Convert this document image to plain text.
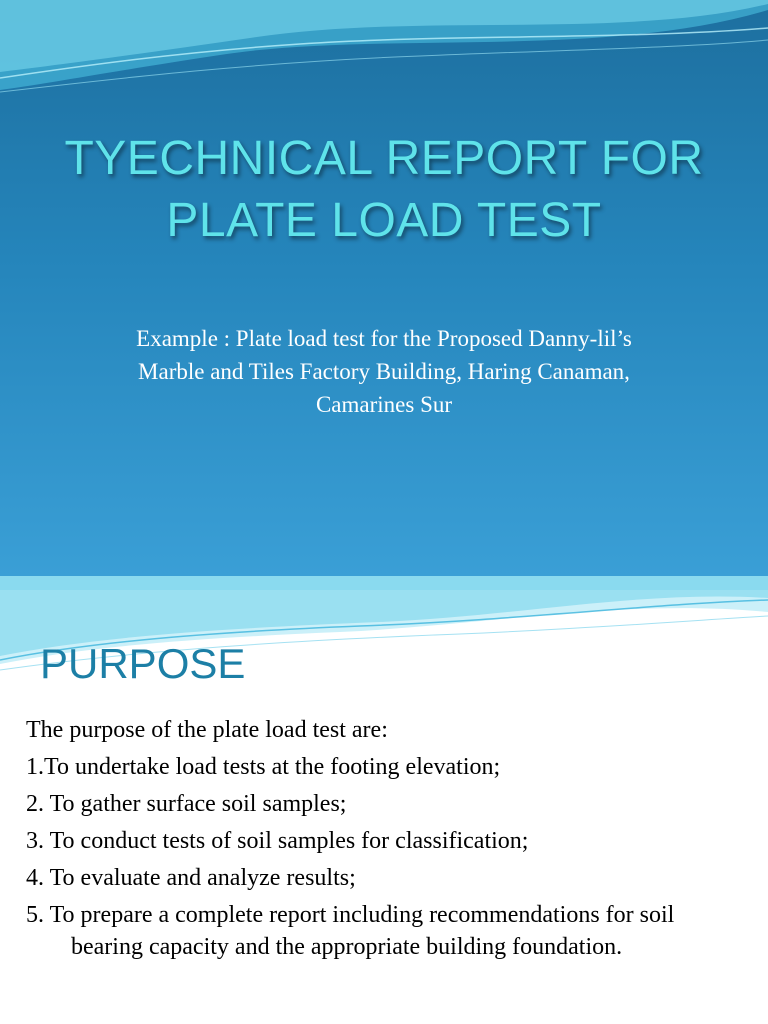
TYECHNICAL REPORT FOR
PLATE LOAD TEST
Example : Plate load test for the Proposed Danny-lil’s
Marble and Tiles Factory Building, Haring Canaman,
Camarines Sur
PURPOSE
The purpose of the plate load test are:
1.To undertake load tests at the footing elevation;
2. To gather surface soil samples;
3. To conduct tests of soil samples for classification;
4. To evaluate and analyze results;
5. To prepare a complete report including recommendations for soil bearing capacity and the appropriate building foundation.
